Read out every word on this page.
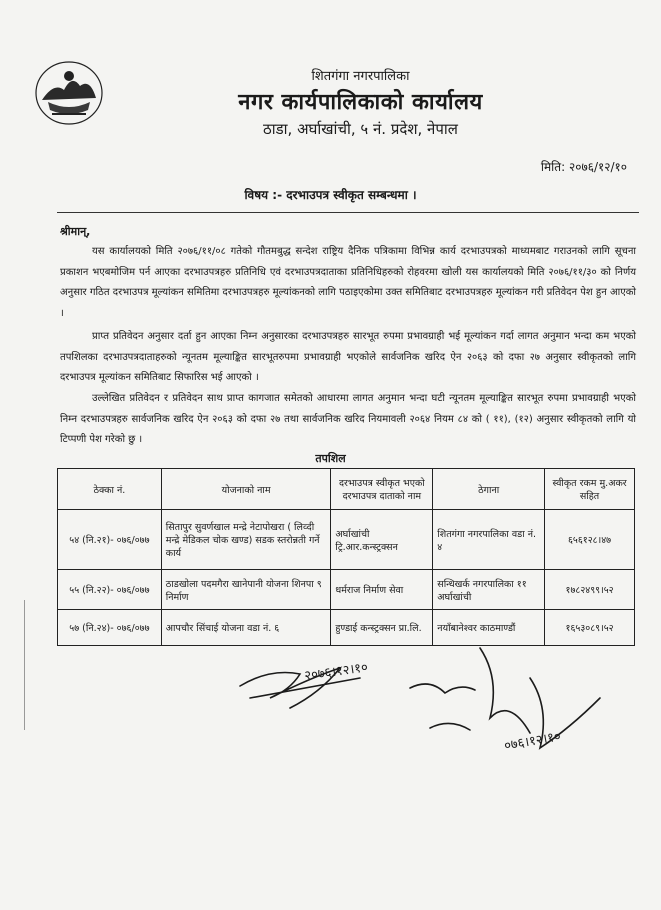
शितगंगा नगरपालिका
नगर कार्यपालिकाको कार्यालय
ठाडा, अर्घाखांची, ५ नं. प्रदेश, नेपाल
मिति: २०७६/१२/१०
विषय :- दरभाउपत्र स्वीकृत सम्बन्धमा ।
श्रीमान्,
यस कार्यालयको मिति २०७६/११/०८ गतेको गौतमबुद्ध सन्देश राष्ट्रिय दैनिक पत्रिकामा विभिन्न कार्य दरभाउपत्रको माध्यमबाट गराउनको लागि सूचना प्रकाशन भएबमोजिम पर्न आएका दरभाउपत्रहरु प्रतिनिधि एवं दरभाउपत्रदाताका प्रतिनिधिहरुको रोहवरमा खोली यस कार्यालयको मिति २०७६/११/३० को निर्णय अनुसार गठित दरभाउपत्र मूल्यांकन समितिमा दरभाउपत्रहरु मूल्यांकनको लागि पठाइएकोमा उक्त समितिबाट दरभाउपत्रहरु मूल्यांकन गरी प्रतिवेदन पेश हुन आएको ।
प्राप्त प्रतिवेदन अनुसार दर्ता हुन आएका निम्न अनुसारका दरभाउपत्रहरु सारभूत रुपमा प्रभावग्राही भई मूल्यांकन गर्दा लागत अनुमान भन्दा कम भएको तपशिलका दरभाउपत्रदाताहरुको न्यूनतम मूल्याङ्कित सारभूतरुपमा प्रभावग्राही भएकोले सार्वजनिक खरिद ऐन २०६३ को दफा २७ अनुसार स्वीकृतको लागि दरभाउपत्र मूल्यांकन समितिबाट सिफारिस भई आएको ।
उल्लेखित प्रतिवेदन र प्रतिवेदन साथ प्राप्त कागजात समेतको आधारमा लागत अनुमान भन्दा घटी न्यूनतम मूल्याङ्कित सारभूत रुपमा प्रभावग्राही भएको निम्न दरभाउपत्रहरु सार्वजनिक खरिद ऐन २०६३ को दफा २७ तथा सार्वजनिक खरिद नियमावली २०६४ नियम ८४ को ( ११), (१२) अनुसार स्वीकृतको लागि यो टिप्पणी पेश गरेको छु ।
तपशिल
ठेक्का नं.	योजनाको नाम	दरभाउपत्र स्वीकृत भएको दरभाउपत्र दाताको नाम	ठेगाना	स्वीकृत रकम मु.अकर सहित
५४ (नि.२१)- ०७६/०७७	सितापुर सुवर्णखाल मन्द्रे नेटापोखरा ( लिव्दी मन्द्रे मेडिकल चोक खण्ड) सडक स्तरोन्नती गर्ने कार्य	अर्घाखांची ट्रि.आर.कन्स्ट्रक्सन	शितगंगा नगरपालिका वडा नं. ४	६५६१२८।४७
५५ (नि.२२)- ०७६/०७७	ठाडखोला पदमगैरा खानेपानी योजना शिनपा ९ निर्माण	धर्मराज निर्माण सेवा	सन्धिखर्क नगरपालिका ११ अर्घाखांची	१७८२४९९।५२
५७ (नि.२४)- ०७६/०७७	आपचौर सिंचाई योजना वडा नं. ६	हुण्डाई कन्स्ट्रक्सन प्रा.लि.	नयाँबानेश्वर काठमाण्डौं	१६५३०८९।५२
२०७६।१२।१०
०७६।१२।१०
